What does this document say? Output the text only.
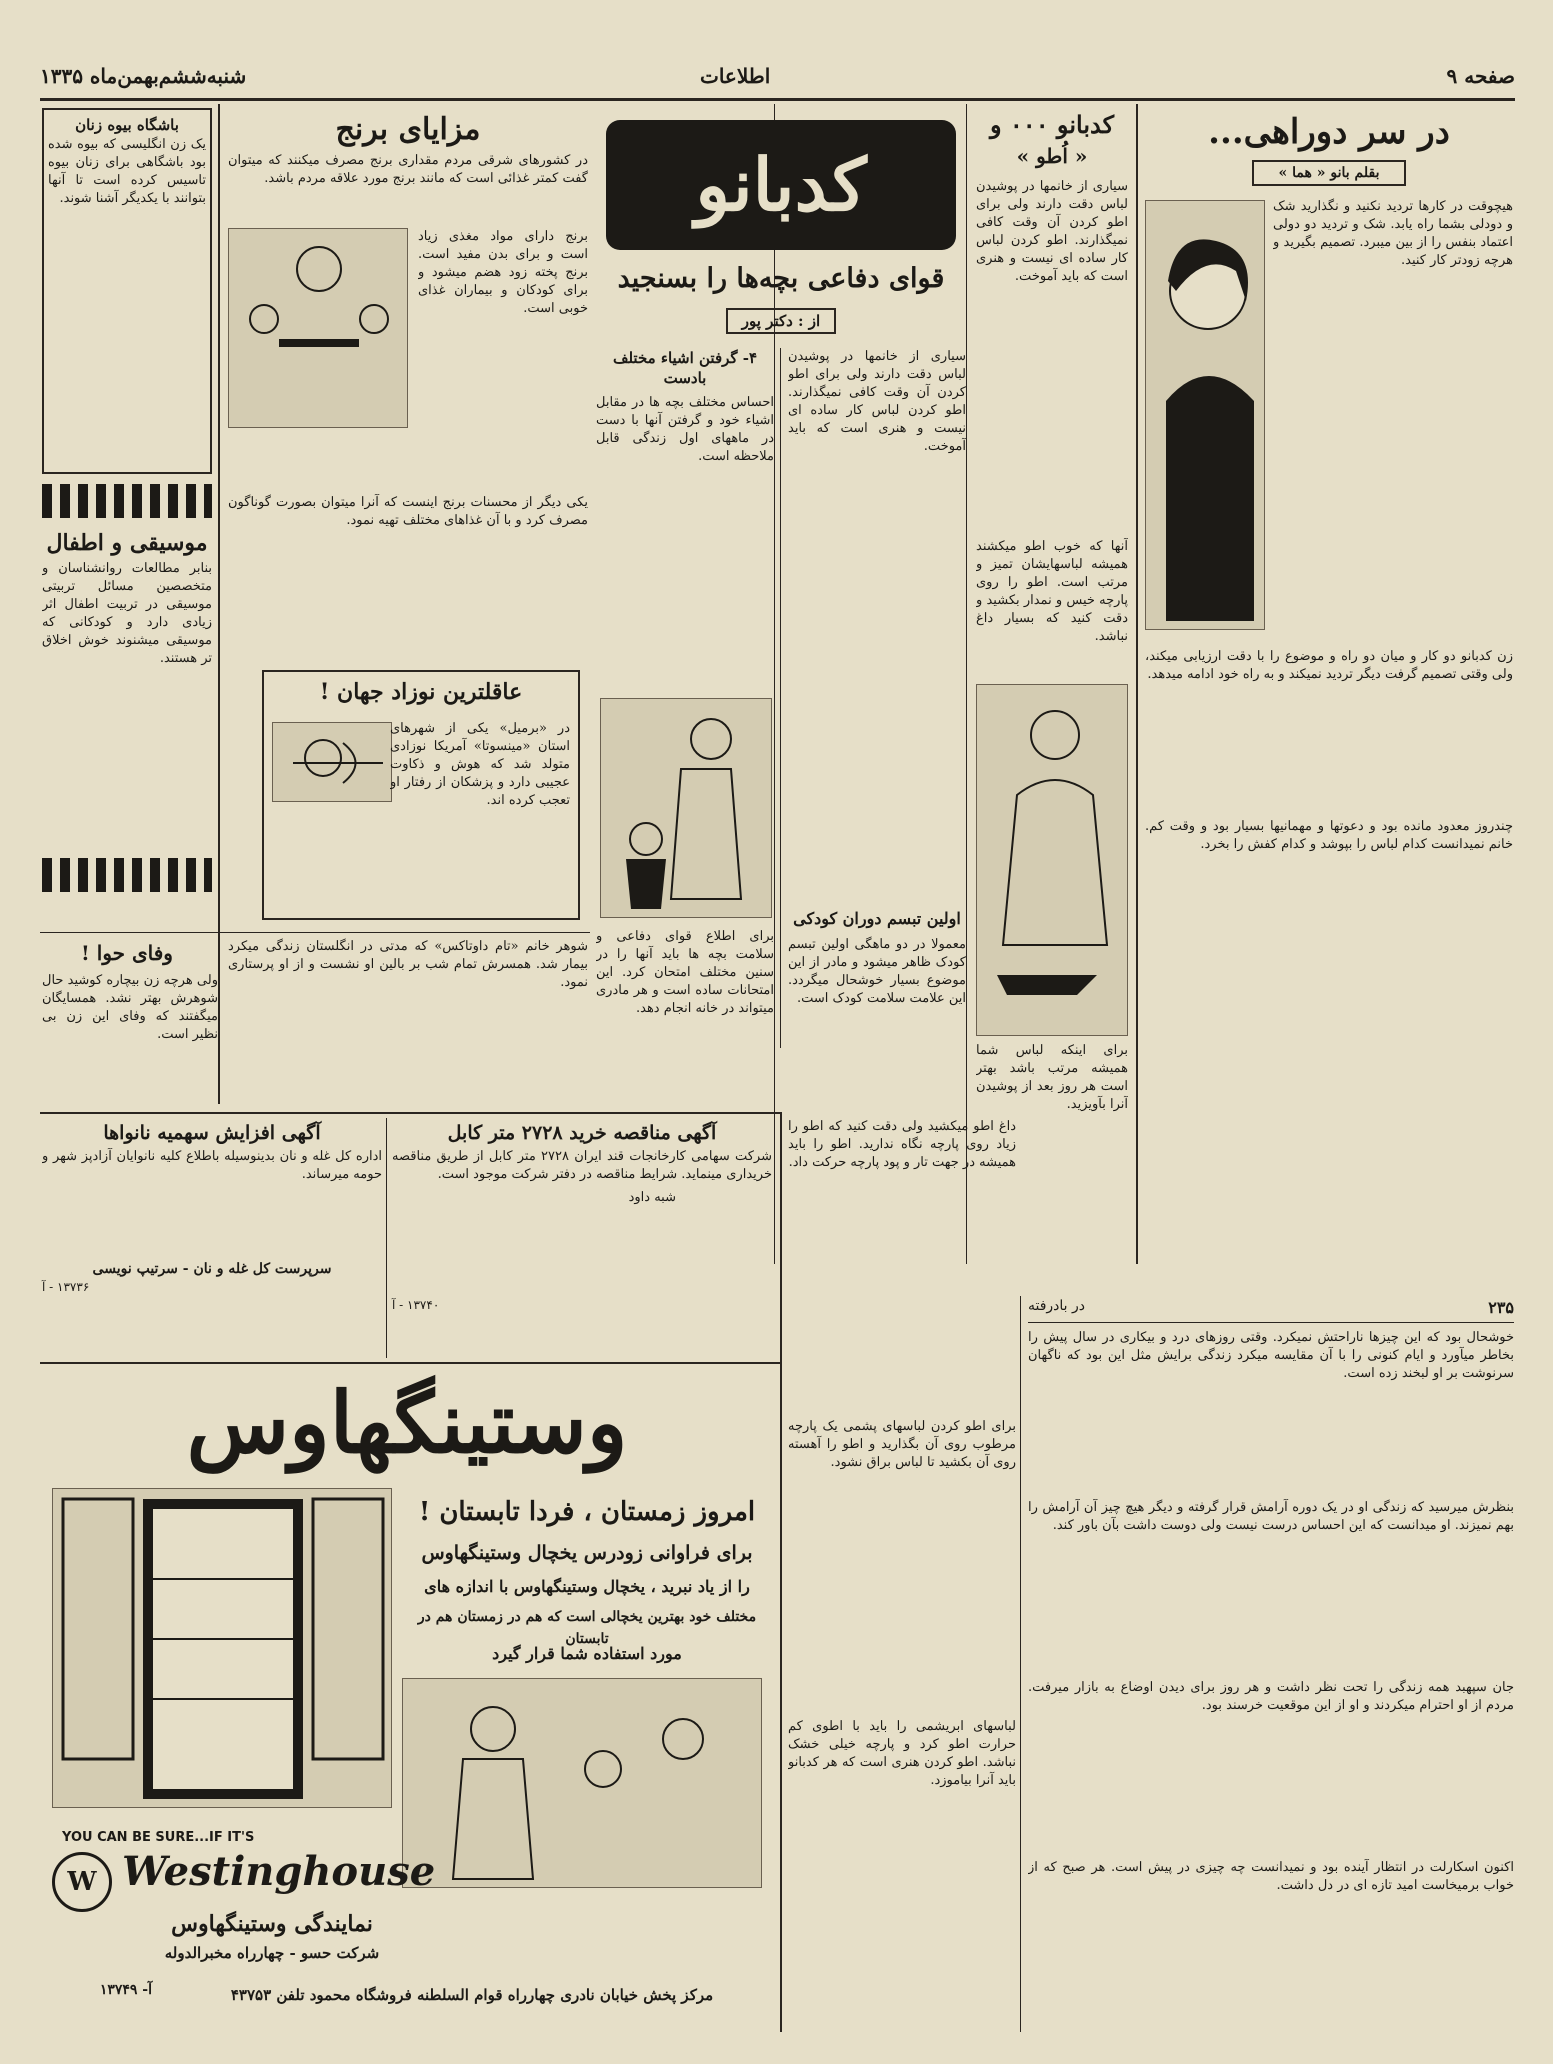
صفحه ۹
اطلاعات
شنبه‌ششم‌بهمن‌ماه ۱۳۳۵
در سر دوراهی...
بقلم بانو « هما »
هیچوقت در کارها تردید نکنید و نگذارید شک و دودلی بشما راه یابد. شک و تردید دو دولی اعتماد بنفس را از بین میبرد. تصمیم بگیرید و هرچه زودتر کار کنید.
زن کدبانو دو کار و میان دو راه و موضوع را با دقت ارزیابی میکند، ولی وقتی تصمیم گرفت دیگر تردید نمیکند و به راه خود ادامه میدهد.
چندروز معدود مانده بود و دعوتها و مهمانیها بسیار بود و وقت کم. خانم نمیدانست کدام لباس را بپوشد و کدام کفش را بخرد.
کدبانو ۰۰۰ و
« اُطو »
سیاری از خانمها در پوشیدن لباس دقت دارند ولی برای اطو کردن آن وقت کافی نمیگذارند. اطو کردن لباس کار ساده ای نیست و هنری است که باید آموخت.
آنها که خوب اطو میکشند همیشه لباسهایشان تمیز و مرتب است. اطو را روی پارچه خیس و نمدار بکشید و دقت کنید که بسیار داغ نباشد.
برای اینکه لباس شما همیشه مرتب باشد بهتر است هر روز بعد از پوشیدن آنرا بآویزید.
کدبانو
قوای دفاعی بچه‌ها را بسنجید
از : دکتر پور
سیاری از خانمها در پوشیدن لباس دقت دارند ولی برای اطو کردن آن وقت کافی نمیگذارند. اطو کردن لباس کار ساده ای نیست و هنری است که باید آموخت.
۴- گرفتن اشیاء مختلف بادست
احساس مختلف بچه ها در مقابل اشیاء خود و گرفتن آنها با دست در ماههای اول زندگی قابل ملاحظه است.
اولین تبسم دوران کودکی
معمولا در دو ماهگی اولین تبسم کودک ظاهر میشود و مادر از این موضوع بسیار خوشحال میگردد. این علامت سلامت کودک است.
برای اطلاع قوای دفاعی و سلامت بچه ها باید آنها را در سنین مختلف امتحان کرد. این امتحانات ساده است و هر مادری میتواند در خانه انجام دهد.
شبه داود
مزایای برنج
در کشورهای شرقی مردم مقداری برنج مصرف میکنند که میتوان گفت کمتر غذائی است که مانند برنج مورد علاقه مردم باشد.
برنج دارای مواد مغذی زیاد است و برای بدن مفید است. برنج پخته زود هضم میشود و برای کودکان و بیماران غذای خوبی است.
یکی دیگر از محسنات برنج اینست که آنرا میتوان بصورت گوناگون مصرف کرد و با آن غذاهای مختلف تهیه نمود.
عاقلترین نوزاد جهان !
در «برمیل» یکی از شهرهای استان «مینسوتا» آمریکا نوزادی متولد شد که هوش و ذکاوت عجیبی دارد و پزشکان از رفتار او تعجب کرده اند.
باشگاه بیوه زنان
یک زن انگلیسی که بیوه شده بود باشگاهی برای زنان بیوه تاسیس کرده است تا آنها بتوانند با یکدیگر آشنا شوند.
موسیقی و اطفال
بنابر مطالعات روانشناسان و متخصصین مسائل تربیتی موسیقی در تربیت اطفال اثر زیادی دارد و کودکانی که موسیقی میشنوند خوش اخلاق تر هستند.
وفای حوا !	شوهر خانم «تام داوتاکس» که مدتی در انگلستان زندگی میکرد بیمار شد. همسرش تمام شب بر بالین او نشست و از او پرستاری نمود.
ولی هرچه زن بیچاره کوشید حال شوهرش بهتر نشد. همسایگان میگفتند که وفای این زن بی نظیر است.
آگهی افزایش سهمیه نانواها
اداره کل غله و نان بدینوسیله باطلاع کلیه نانوایان آزادپز شهر و حومه میرساند.
سرپرست کل غله و نان - سرتیپ نویسی
۱۳۷۳۶ - آ
آگهی مناقصه خرید ۲۷۲۸ متر کابل
شرکت سهامی کارخانجات قند ایران ۲۷۲۸ متر کابل از طریق مناقصه خریداری مینماید. شرایط مناقصه در دفتر شرکت موجود است.
۱۳۷۴۰ - آ
وستینگهاوس
امروز زمستان ، فردا تابستان !
برای فراوانی زودرس یخچال وستینگهاوس
را از یاد نبرید ، یخچال وستینگهاوس با اندازه های
مختلف خود بهترین یخچالی است که هم در زمستان هم در تابستان
مورد استفاده شما قرار گیرد
YOU CAN BE SURE...IF IT'S
W Westinghouse
نمایندگی وستینگهاوس
شرکت حسو - چهارراه مخبرالدوله
مرکز پخش خیابان نادری چهارراه قوام السلطنه فروشگاه محمود تلفن ۴۳۷۵۳
آ- ۱۳۷۴۹
داغ اطو میکشید ولی دقت کنید که اطو را زیاد روی پارچه نگاه ندارید. اطو را باید همیشه در جهت تار و پود پارچه حرکت داد.
برای اطو کردن لباسهای پشمی یک پارچه مرطوب روی آن بگذارید و اطو را آهسته روی آن بکشید تا لباس براق نشود.
لباسهای ابریشمی را باید با اطوی کم حرارت اطو کرد و پارچه خیلی خشک نباشد. اطو کردن هنری است که هر کدبانو باید آنرا بیاموزد.
۲۳۵
در بادرفته
خوشحال بود که این چیزها ناراحتش نمیکرد. وقتی روزهای درد و بیکاری در سال پیش را بخاطر میآورد و ایام کنونی را با آن مقایسه میکرد زندگی برایش مثل این بود که ناگهان سرنوشت بر او لبخند زده است.
بنظرش میرسید که زندگی او در یک دوره آرامش قرار گرفته و دیگر هیچ چیز آن آرامش را بهم نمیزند. او میدانست که این احساس درست نیست ولی دوست داشت بآن باور کند.
جان سپهبد همه زندگی را تحت نظر داشت و هر روز برای دیدن اوضاع به بازار میرفت. مردم از او احترام میکردند و او از این موقعیت خرسند بود.
اکنون اسکارلت در انتظار آینده بود و نمیدانست چه چیزی در پیش است. هر صبح که از خواب برمیخاست امید تازه ای در دل داشت.
